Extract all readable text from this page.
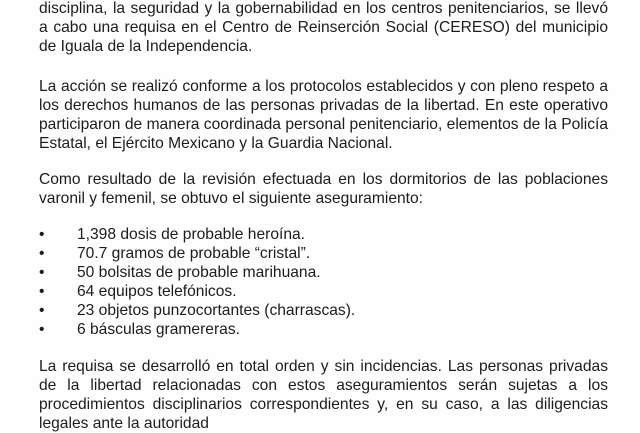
disciplina, la seguridad y la gobernabilidad en los centros penitenciarios, se llevó a cabo una requisa en el Centro de Reinserción Social (CERESO) del municipio de Iguala de la Independencia.

La acción se realizó conforme a los protocolos establecidos y con pleno respeto a los derechos humanos de las personas privadas de la libertad. En este operativo participaron de manera coordinada personal penitenciario, elementos de la Policía Estatal, el Ejército Mexicano y la Guardia Nacional.

Como resultado de la revisión efectuada en los dormitorios de las poblaciones varonil y femenil, se obtuvo el siguiente aseguramiento:

• 1,398 dosis de probable heroína.
• 70.7 gramos de probable “cristal”.
• 50 bolsitas de probable marihuana.
• 64 equipos telefónicos.
• 23 objetos punzocortantes (charrascas).
• 6 básculas gramereras.

La requisa se desarrolló en total orden y sin incidencias. Las personas privadas de la libertad relacionadas con estos aseguramientos serán sujetas a los procedimientos disciplinarios correspondientes y, en su caso, a las diligencias legales ante la autoridad
